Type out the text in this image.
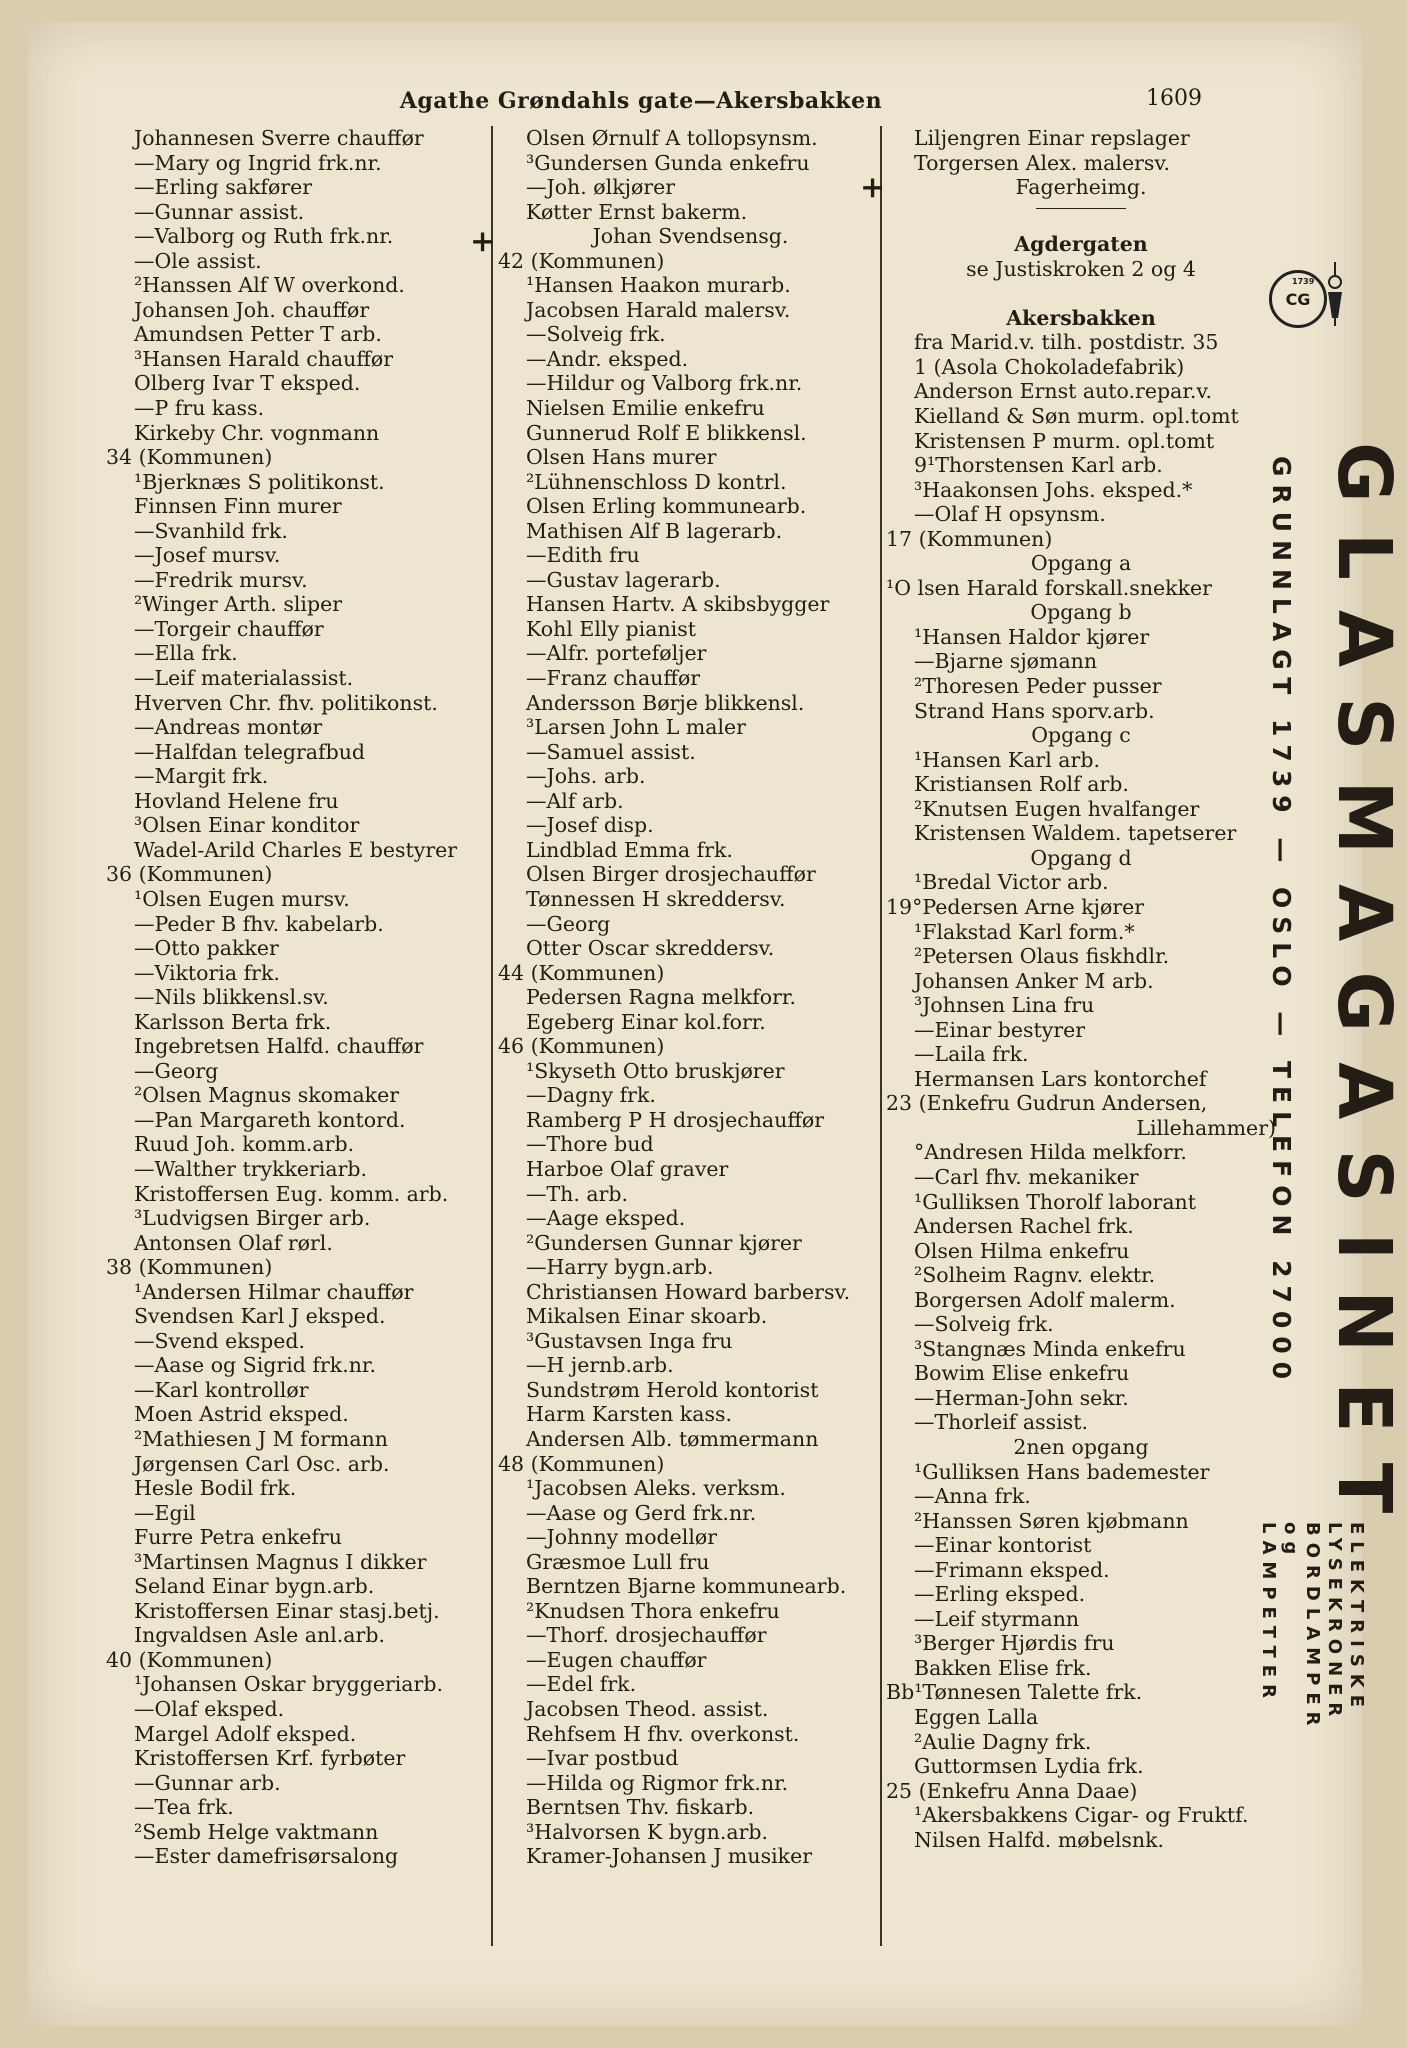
Agathe Grøndahls gate—Akersbakken	1609
Johannesen Sverre chauffør
—Mary og Ingrid frk.nr.
—Erling sakfører
—Gunnar assist.
—Valborg og Ruth frk.nr.
—Ole assist.
²Hanssen Alf W overkond.
Johansen Joh. chauffør
Amundsen Petter T arb.
³Hansen Harald chauffør
Olberg Ivar T eksped.
—P fru kass.
Kirkeby Chr. vognmann
34 (Kommunen)
¹Bjerknæs S politikonst.
Finnsen Finn murer
—Svanhild frk.
—Josef mursv.
—Fredrik mursv.
²Winger Arth. sliper
—Torgeir chauffør
—Ella frk.
—Leif materialassist.
Hverven Chr. fhv. politikonst.
—Andreas montør
—Halfdan telegrafbud
—Margit frk.
Hovland Helene fru
³Olsen Einar konditor
Wadel-Arild Charles E bestyrer
36 (Kommunen)
¹Olsen Eugen mursv.
—Peder B fhv. kabelarb.
—Otto pakker
—Viktoria frk.
—Nils blikkensl.sv.
Karlsson Berta frk.
Ingebretsen Halfd. chauffør
—Georg
²Olsen Magnus skomaker
—Pan Margareth kontord.
Ruud Joh. komm.arb.
—Walther trykkeriarb.
Kristoffersen Eug. komm. arb.
³Ludvigsen Birger arb.
Antonsen Olaf rørl.
38 (Kommunen)
¹Andersen Hilmar chauffør
Svendsen Karl J eksped.
—Svend eksped.
—Aase og Sigrid frk.nr.
—Karl kontrollør
Moen Astrid eksped.
²Mathiesen J M formann
Jørgensen Carl Osc. arb.
Hesle Bodil frk.
—Egil
Furre Petra enkefru
³Martinsen Magnus I dikker
Seland Einar bygn.arb.
Kristoffersen Einar stasj.betj.
Ingvaldsen Asle anl.arb.
40 (Kommunen)
¹Johansen Oskar bryggeriarb.
—Olaf eksped.
Margel Adolf eksped.
Kristoffersen Krf. fyrbøter
—Gunnar arb.
—Tea frk.
²Semb Helge vaktmann
—Ester damefrisørsalong
Olsen Ørnulf A tollopsynsm.
³Gundersen Gunda enkefru
—Joh. ølkjører
Køtter Ernst bakerm.
Johan Svendsensg.
42 (Kommunen)
¹Hansen Haakon murarb.
Jacobsen Harald malersv.
—Solveig frk.
—Andr. eksped.
—Hildur og Valborg frk.nr.
Nielsen Emilie enkefru
Gunnerud Rolf E blikkensl.
Olsen Hans murer
²Lühnenschloss D kontrl.
Olsen Erling kommunearb.
Mathisen Alf B lagerarb.
—Edith fru
—Gustav lagerarb.
Hansen Hartv. A skibsbygger
Kohl Elly pianist
—Alfr. porteføljer
—Franz chauffør
Andersson Børje blikkensl.
³Larsen John L maler
—Samuel assist.
—Johs. arb.
—Alf arb.
—Josef disp.
Lindblad Emma frk.
Olsen Birger drosjechauffør
Tønnessen H skreddersv.
—Georg
Otter Oscar skreddersv.
44 (Kommunen)
Pedersen Ragna melkforr.
Egeberg Einar kol.forr.
46 (Kommunen)
¹Skyseth Otto bruskjører
—Dagny frk.
Ramberg P H drosjechauffør
—Thore bud
Harboe Olaf graver
—Th. arb.
—Aage eksped.
²Gundersen Gunnar kjører
—Harry bygn.arb.
Christiansen Howard barbersv.
Mikalsen Einar skoarb.
³Gustavsen Inga fru
—H jernb.arb.
Sundstrøm Herold kontorist
Harm Karsten kass.
Andersen Alb. tømmermann
48 (Kommunen)
¹Jacobsen Aleks. verksm.
—Aase og Gerd frk.nr.
—Johnny modellør
Græsmoe Lull fru
Berntzen Bjarne kommunearb.
²Knudsen Thora enkefru
—Thorf. drosjechauffør
—Eugen chauffør
—Edel frk.
Jacobsen Theod. assist.
Rehfsem H fhv. overkonst.
—Ivar postbud
—Hilda og Rigmor frk.nr.
Berntsen Thv. fiskarb.
³Halvorsen K bygn.arb.
Kramer-Johansen J musiker
Liljengren Einar repslager
Torgersen Alex. malersv.
Fagerheimg.
Agdergaten
se Justiskroken 2 og 4
Akersbakken
fra Marid.v. tilh. postdistr. 35
1 (Asola Chokoladefabrik)
Anderson Ernst auto.repar.v.
Kielland & Søn murm. opl.tomt
Kristensen P murm. opl.tomt
9¹Thorstensen Karl arb.
³Haakonsen Johs. eksped.*
—Olaf H opsynsm.
17 (Kommunen)
Opgang a
¹O lsen Harald forskall.snekker
Opgang b
¹Hansen Haldor kjører
—Bjarne sjømann
²Thoresen Peder pusser
Strand Hans sporv.arb.
Opgang c
¹Hansen Karl arb.
Kristiansen Rolf arb.
²Knutsen Eugen hvalfanger
Kristensen Waldem. tapetserer
Opgang d
¹Bredal Victor arb.
19°Pedersen Arne kjører
¹Flakstad Karl form.*
²Petersen Olaus fiskhdlr.
Johansen Anker M arb.
³Johnsen Lina fru
—Einar bestyrer
—Laila frk.
Hermansen Lars kontorchef
23 (Enkefru Gudrun Andersen,
Lillehammer)
°Andresen Hilda melkforr.
—Carl fhv. mekaniker
¹Gulliksen Thorolf laborant
Andersen Rachel frk.
Olsen Hilma enkefru
²Solheim Ragnv. elektr.
Borgersen Adolf malerm.
—Solveig frk.
³Stangnæs Minda enkefru
Bowim Elise enkefru
—Herman-John sekr.
—Thorleif assist.
2nen opgang
¹Gulliksen Hans bademester
—Anna frk.
²Hanssen Søren kjøbmann
—Einar kontorist
—Frimann eksped.
—Erling eksped.
—Leif styrmann
³Berger Hjørdis fru
Bakken Elise frk.
Bb¹Tønnesen Talette frk.
Eggen Lalla
²Aulie Dagny frk.
Guttormsen Lydia frk.
25 (Enkefru Anna Daae)
¹Akersbakkens Cigar- og Fruktf.
Nilsen Halfd. møbelsnk.
+
+
CG
1739
GLASMAGASINET
GRUNNLAGT 1739 — OSLO — TELEFON 27000
ELEKTRISKE LYSEKRONER BORDLAMPER og LAMPETTER
